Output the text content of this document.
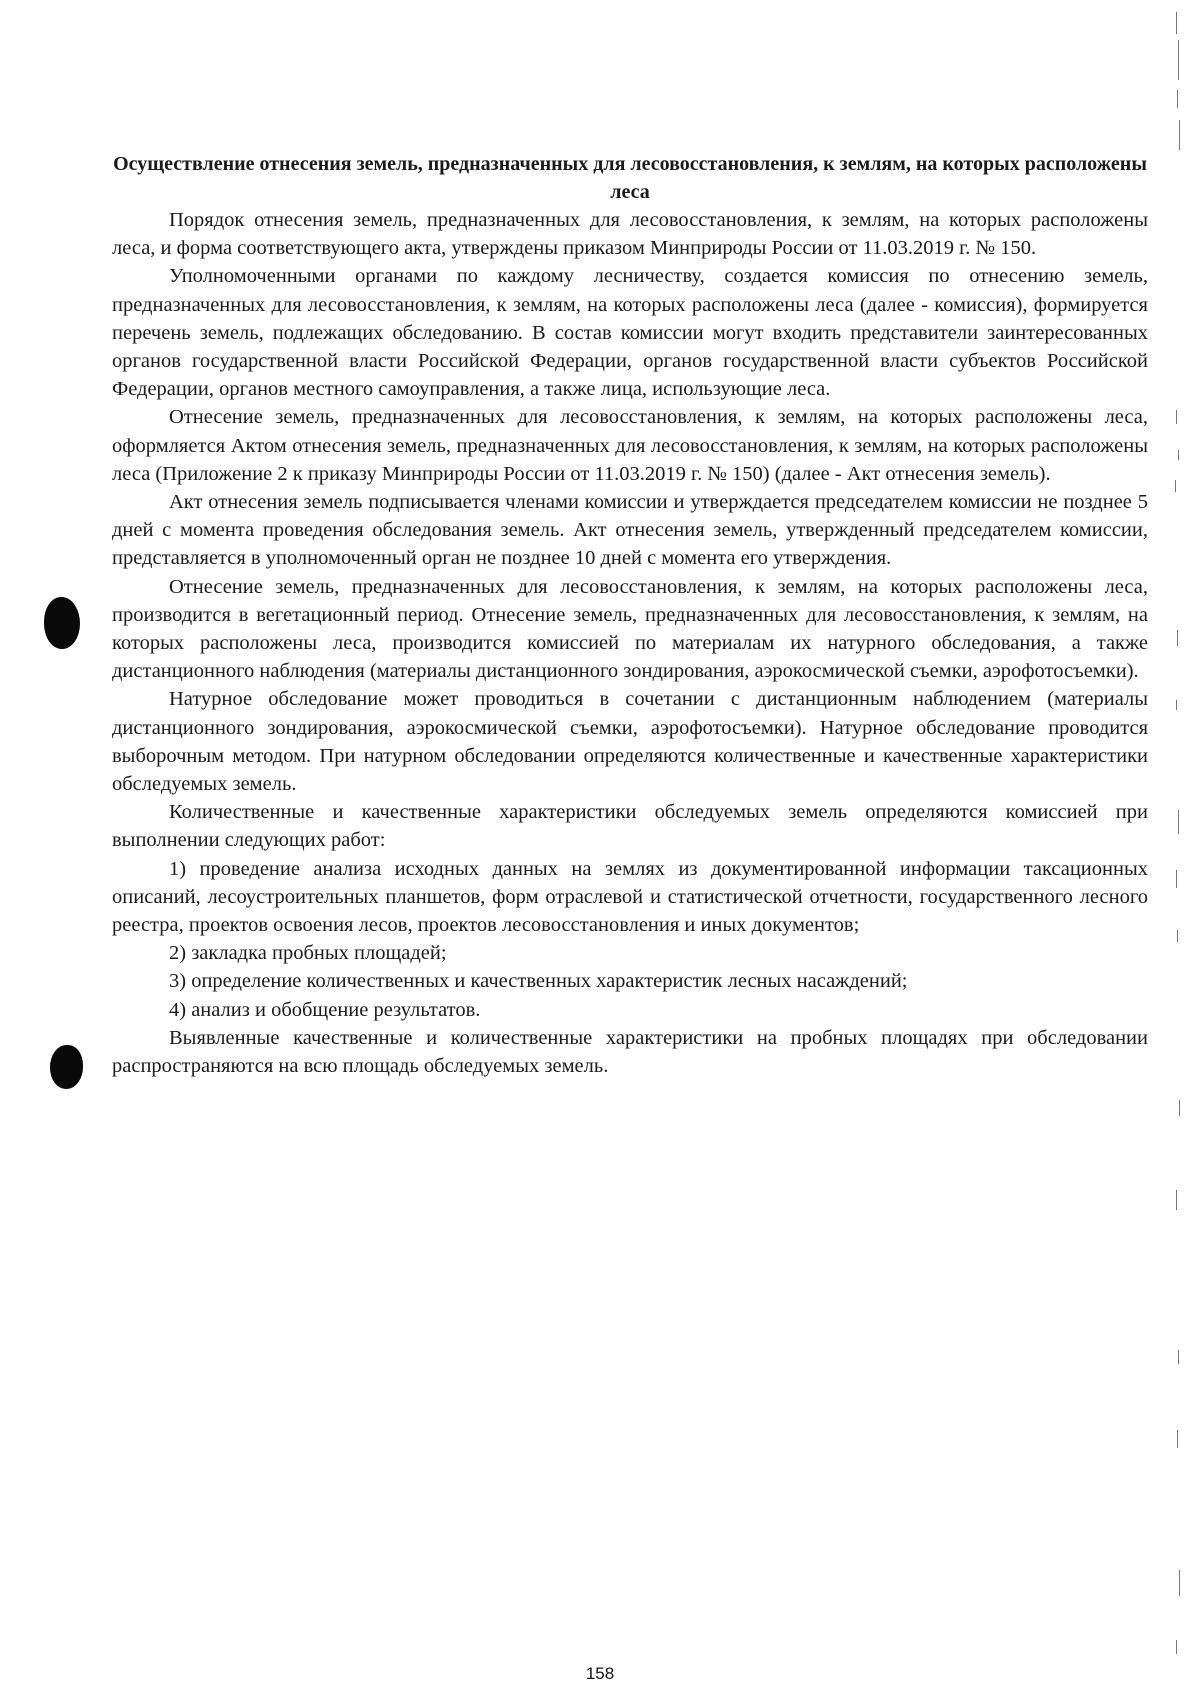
Осуществление отнесения земель, предназначенных для лесовосстановления, к землям, на которых расположены леса

Порядок отнесения земель, предназначенных для лесовосстановления, к землям, на которых расположены леса, и форма соответствующего акта, утверждены приказом Минприроды России от 11.03.2019 г. № 150.

Уполномоченными органами по каждому лесничеству, создается комиссия по отнесению земель, предназначенных для лесовосстановления, к землям, на которых расположены леса (далее - комиссия), формируется перечень земель, подлежащих обследованию. В состав комиссии могут входить представители заинтересованных органов государственной власти Российской Федерации, органов государственной власти субъектов Российской Федерации, органов местного самоуправления, а также лица, использующие леса.

Отнесение земель, предназначенных для лесовосстановления, к землям, на которых расположены леса, оформляется Актом отнесения земель, предназначенных для лесовосстановления, к землям, на которых расположены леса (Приложение 2 к приказу Минприроды России от 11.03.2019 г. № 150) (далее - Акт отнесения земель).

Акт отнесения земель подписывается членами комиссии и утверждается председателем комиссии не позднее 5 дней с момента проведения обследования земель. Акт отнесения земель, утвержденный председателем комиссии, представляется в уполномоченный орган не позднее 10 дней с момента его утверждения.

Отнесение земель, предназначенных для лесовосстановления, к землям, на которых расположены леса, производится в вегетационный период. Отнесение земель, предназначенных для лесовосстановления, к землям, на которых расположены леса, производится комиссией по материалам их натурного обследования, а также дистанционного наблюдения (материалы дистанционного зондирования, аэрокосмической съемки, аэрофотосъемки).

Натурное обследование может проводиться в сочетании с дистанционным наблюдением (материалы дистанционного зондирования, аэрокосмической съемки, аэрофотосъемки). Натурное обследование проводится выборочным методом. При натурном обследовании определяются количественные и качественные характеристики обследуемых земель.

Количественные и качественные характеристики обследуемых земель определяются комиссией при выполнении следующих работ:

1) проведение анализа исходных данных на землях из документированной информации таксационных описаний, лесоустроительных планшетов, форм отраслевой и статистической отчетности, государственного лесного реестра, проектов освоения лесов, проектов лесовосстановления и иных документов;

2) закладка пробных площадей;

3) определение количественных и качественных характеристик лесных насаждений;

4) анализ и обобщение результатов.

Выявленные качественные и количественные характеристики на пробных площадях при обследовании распространяются на всю площадь обследуемых земель.

158
